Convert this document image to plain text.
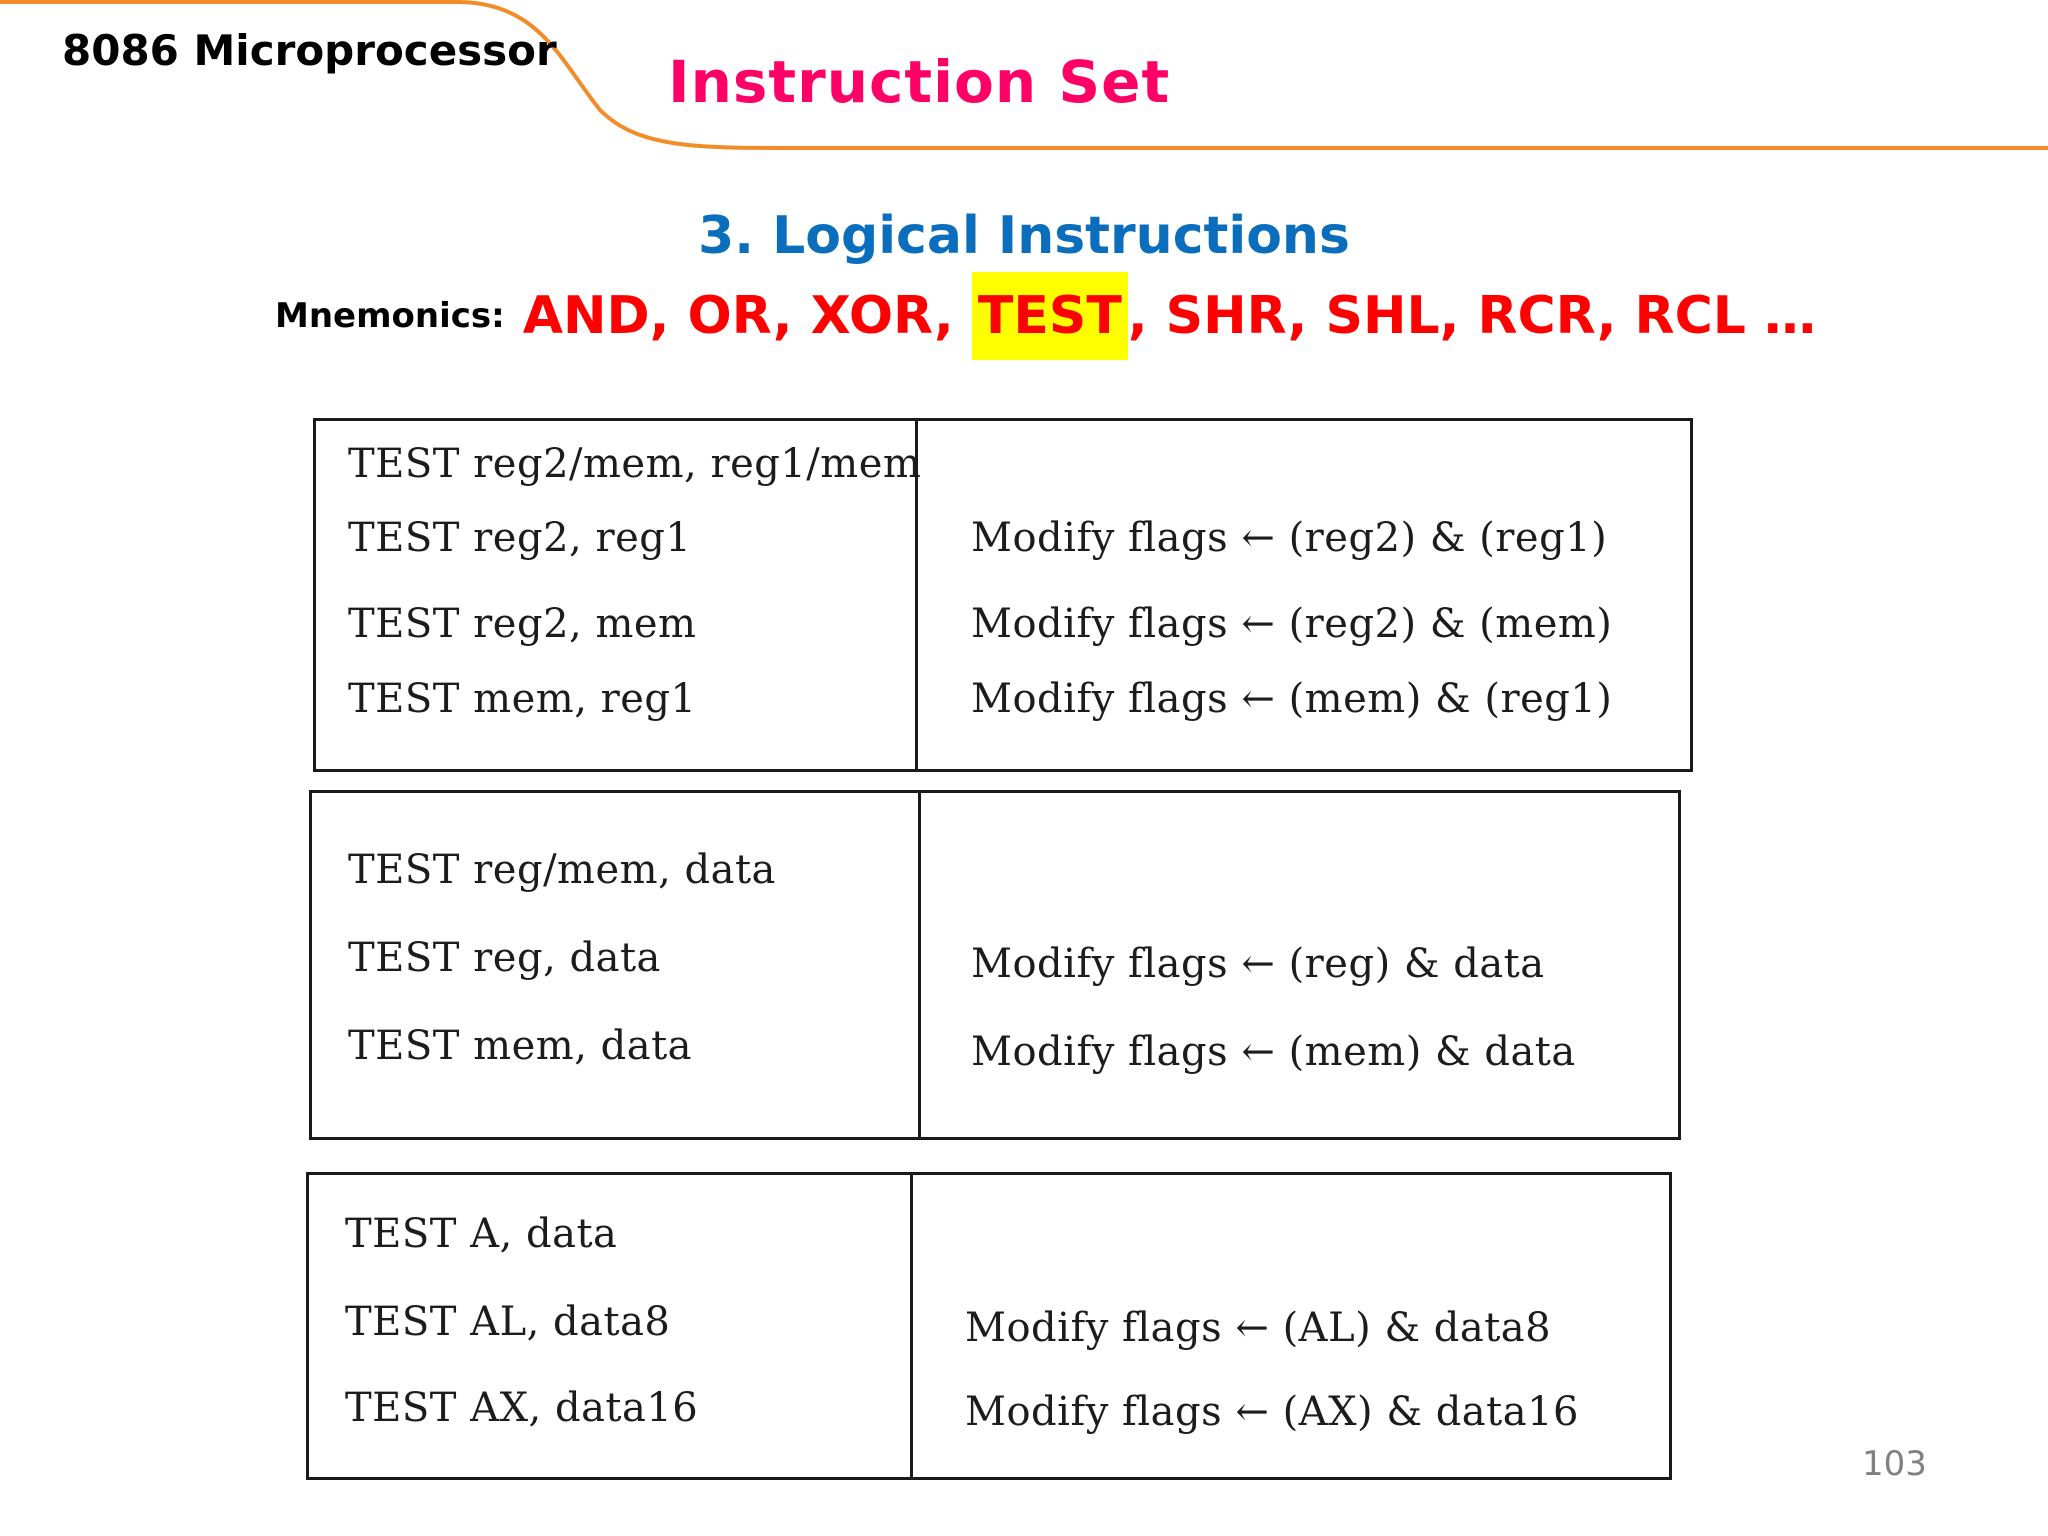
8086 Microprocessor Instruction Set
3. Logical Instructions
Mnemonics: AND, OR, XOR, TEST , SHR, SHL, RCR, RCL …
TEST reg2/mem, reg1/mem
TEST reg2, reg1
TEST reg2, mem
TEST mem, reg1
Modify flags ← (reg2) & (reg1)
Modify flags ← (reg2) & (mem)
Modify flags ← (mem) & (reg1)
TEST reg/mem, data
TEST reg, data
TEST mem, data
Modify flags ← (reg) & data
Modify flags ← (mem) & data
TEST A, data
TEST AL, data8
TEST AX, data16
Modify flags ← (AL) & data8
Modify flags ← (AX) & data16
103
